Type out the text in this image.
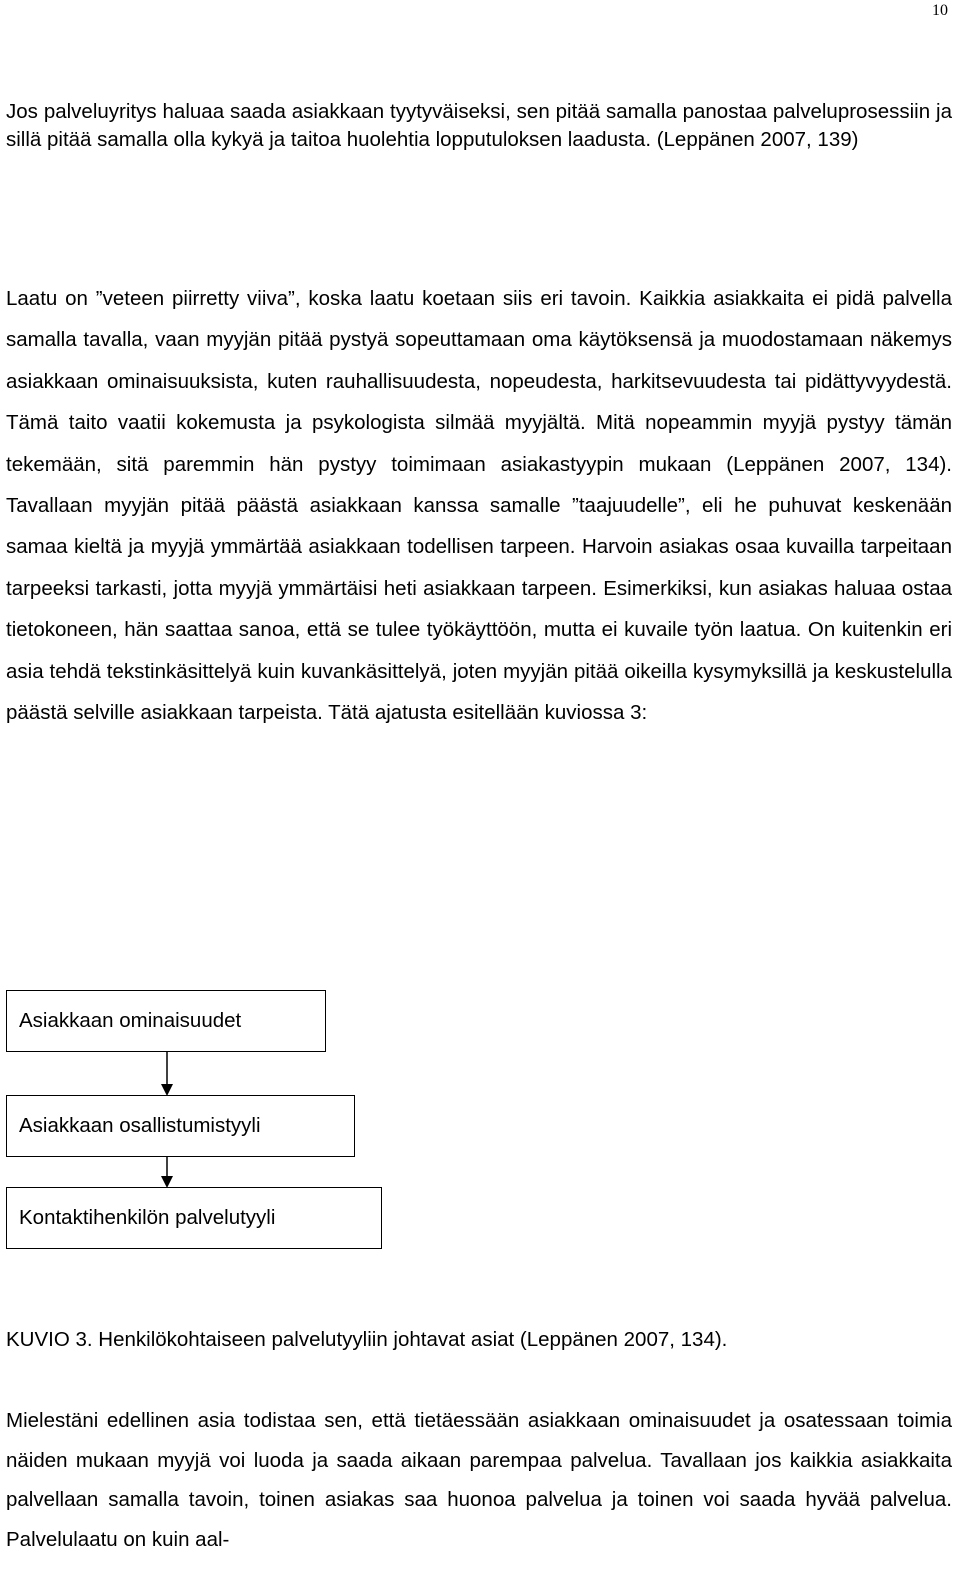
10

Jos palveluyritys haluaa saada asiakkaan tyytyväiseksi, sen pitää samalla panostaa palveluprosessiin ja sillä pitää samalla olla kykyä ja taitoa huolehtia lopputuloksen laadusta. (Leppänen 2007, 139)

Laatu on ”veteen piirretty viiva”, koska laatu koetaan siis eri tavoin. Kaikkia asiakkaita ei pidä palvella samalla tavalla, vaan myyjän pitää pystyä sopeuttamaan oma käytöksensä ja muodostamaan näkemys asiakkaan ominaisuuksista, kuten rauhallisuudesta, nopeudesta, harkitsevuudesta tai pidättyvyydestä. Tämä taito vaatii kokemusta ja psykologista silmää myyjältä. Mitä nopeammin myyjä pystyy tämän tekemään, sitä paremmin hän pystyy toimimaan asiakastyypin mukaan (Leppänen 2007, 134). Tavallaan myyjän pitää päästä asiakkaan kanssa samalle ”taajuudelle”, eli he puhuvat keskenään samaa kieltä ja myyjä ymmärtää asiakkaan todellisen tarpeen. Harvoin asiakas osaa kuvailla tarpeitaan tarpeeksi tarkasti, jotta myyjä ymmärtäisi heti asiakkaan tarpeen. Esimerkiksi, kun asiakas haluaa ostaa tietokoneen, hän saattaa sanoa, että se tulee työkäyttöön, mutta ei kuvaile työn laatua. On kuitenkin eri asia tehdä tekstinkäsittelyä kuin kuvankäsittelyä, joten myyjän pitää oikeilla kysymyksillä ja keskustelulla päästä selville asiakkaan tarpeista. Tätä ajatusta esitellään kuviossa 3:

Asiakkaan ominaisuudet
Asiakkaan osallistumistyyli
Kontaktihenkilön palvelutyyli
KUVIO 3. Henkilökohtaiseen palvelutyyliin johtavat asiat (Leppänen 2007, 134).

Mielestäni edellinen asia todistaa sen, että tietäessään asiakkaan ominaisuudet ja osatessaan toimia näiden mukaan myyjä voi luoda ja saada aikaan parempaa palvelua. Tavallaan jos kaikkia asiakkaita palvellaan samalla tavoin, toinen asiakas saa huonoa palvelua ja toinen voi saada hyvää palvelua. Palvelulaatu on kuin aal-
